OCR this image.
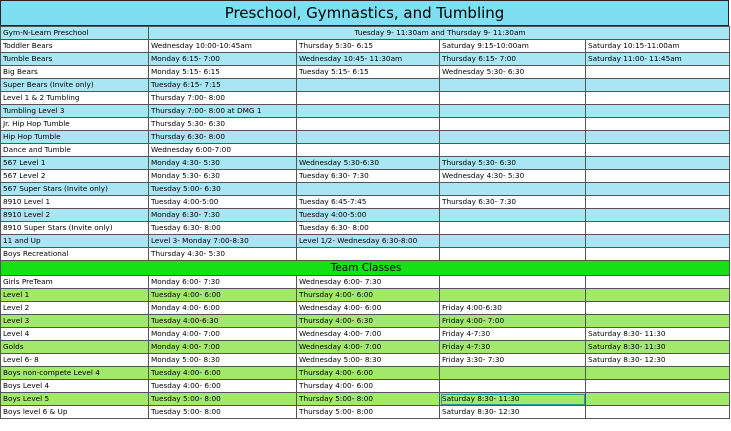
Preschool, Gymnastics, and Tumbling
Gym-N-Learn Preschool	Tuesday 9- 11:30am and Thursday 9- 11:30am			
Toddler Bears	Wednesday 10:00-10:45am	Thursday 5:30- 6:15	Saturday 9:15-10:00am	Saturday 10:15-11:00am
Tumble Bears	Monday 6:15- 7:00	Wednesday 10:45- 11:30am	Thursday 6:15- 7:00	Saturday 11:00- 11:45am
Big Bears	Monday 5:15- 6:15	Tuesday 5:15- 6:15	Wednesday 5:30- 6:30	
Super Bears (Invite only)	Tuesday 6:15- 7:15			
Level 1 & 2 Tumbling	Thursday 7:00- 8:00			
Tumbling Level 3	Thursday 7:00- 8:00 at DMG 1			
Jr. Hip Hop Tumble	Thursday 5:30- 6:30			
Hip Hop Tumble	Thursday 6:30- 8:00			
Dance and Tumble	Wednesday 6:00-7:00			
567 Level 1	Monday 4:30- 5:30	Wednesday 5:30-6:30	Thursday 5:30- 6:30	
567 Level 2	Monday 5:30- 6:30	Tuesday 6:30- 7:30	Wednesday 4:30- 5:30	
567 Super Stars (Invite only)	Tuesday 5:00- 6:30			
8910 Level 1	Tuesday 4:00-5:00	Tuesday 6:45-7:45	Thursday 6:30- 7:30	
8910 Level 2	Monday 6:30- 7:30	Tuesday 4:00-5:00		
8910 Super Stars (Invite only)	Tuesday 6:30- 8:00	Tuesday 6:30- 8:00		
11 and Up	Level 3- Monday 7:00-8:30	Level 1/2- Wednesday 6:30-8:00		
Boys Recreational	Thursday 4:30- 5:30			
Team Classes				
Girls PreTeam	Monday 6:00- 7:30	Wednesday 6:00- 7:30		
Level 1	Tuesday 4:00- 6:00	Thursday 4:00- 6:00		
Level 2	Monday 4:00- 6:00	Wednesday 4:00- 6:00	Friday 4:00-6:30	
Level 3	Tuesday 4:00-6:30	Thursday 4:00- 6:30	Friday 4:00- 7:00	
Level 4	Monday 4:00- 7:00	Wednesday 4:00- 7:00	Friday 4-7:30	Saturday 8:30- 11:30
Golds	Monday 4:00- 7:00	Wednesday 4:00- 7:00	Friday 4-7:30	Saturday 8:30- 11:30
Level 6- 8	Monday 5:00- 8:30	Wednesday 5:00- 8:30	Friday 3:30- 7:30	Saturday 8:30- 12:30
Boys non-compete Level 4	Tuesday 4:00- 6:00	Thursday 4:00- 6:00		
Boys Level 4	Tuesday 4:00- 6:00	Thursday 4:00- 6:00		
Boys Level 5	Tuesday 5:00- 8:00	Thursday 5:00- 8:00	Saturday 8:30- 11:30	
Boys level 6 & Up	Tuesday 5:00- 8:00	Thursday 5:00- 8:00	Saturday 8:30- 12:30	
